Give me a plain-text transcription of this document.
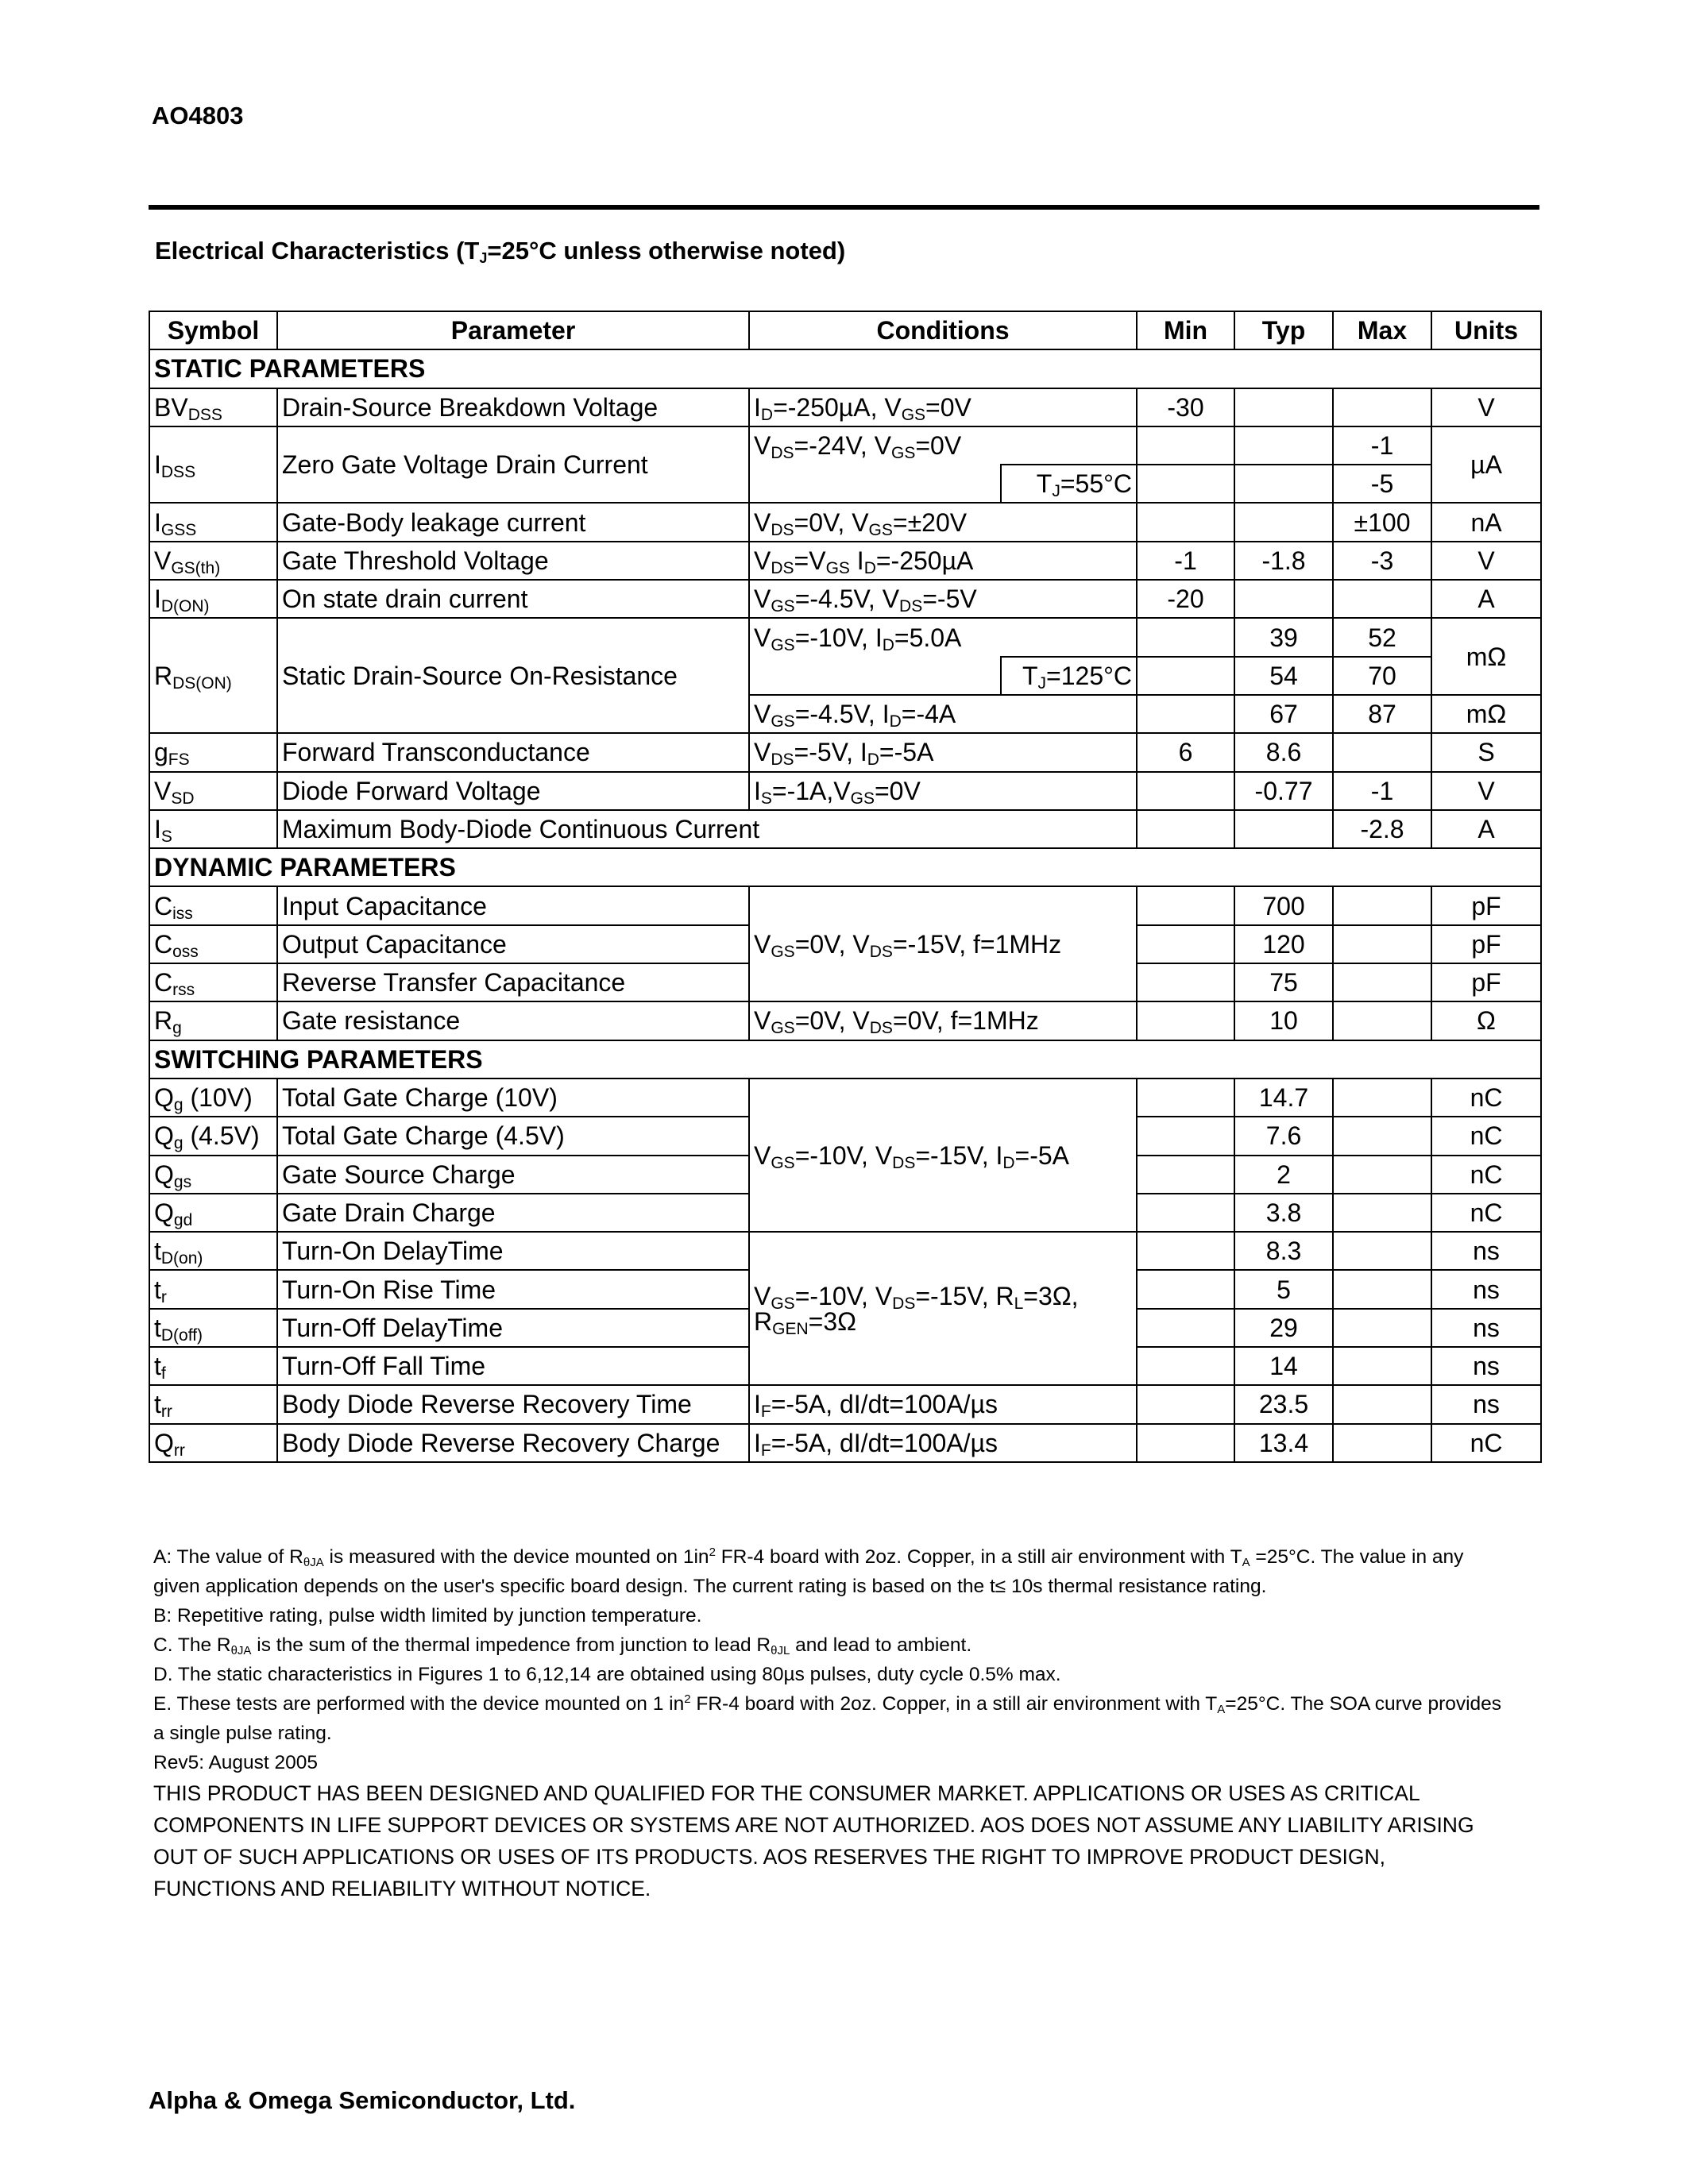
AO4803
Electrical Characteristics ($T_J=25^\circ C$ unless otherwise noted)
Symbol	Parameter	Conditions		Min	Typ	Max	Units
STATIC PARAMETERS							
$BV_{DSS}$	Drain-Source Breakdown Voltage	$I_D=-250\mu A$, $V_{GS}=0V$		-30			V
$I_{DSS}$	Zero Gate Voltage Drain Current	$V_{DS}=-24V$, $V_{GS}=0V$				-1	µA
			$T_J=55^\circ C$			-5	
$I_{GSS}$	Gate-Body leakage current	$V_{DS}=0V$, $V_{GS}=\pm 20V$				±100	nA
$V_{GS(th)}$	Gate Threshold Voltage	$V_{DS}=V_{GS}$ $I_D=-250\mu A$		-1	-1.8	-3	V
$I_{D(ON)}$	On state drain current	$V_{GS}=-4.5V$, $V_{DS}=-5V$		-20			A
$R_{DS(ON)}$	Static Drain-Source On-Resistance	$V_{GS}=-10V$, $I_D=5.0A$			39	52	mΩ
			$T_J=125^\circ C$		54	70	
		$V_{GS}=-4.5V$, $I_D=-4A$			67	87	mΩ
$g_{FS}$	Forward Transconductance	$V_{DS}=-5V$, $I_D=-5A$		6	8.6		S
$V_{SD}$	Diode Forward Voltage	$I_S=-1A,V_{GS}=0V$			-0.77	-1	V
$I_S$	Maximum Body-Diode Continuous Current					-2.8	A
DYNAMIC PARAMETERS							
$C_{iss}$	Input Capacitance	$V_{GS}=0V$, $V_{DS}=-15V$, f=1MHz			700		pF
$C_{oss}$	Output Capacitance				120		pF
$C_{rss}$	Reverse Transfer Capacitance				75		pF
$R_g$	Gate resistance	$V_{GS}=0V$, $V_{DS}=0V$, f=1MHz			10		Ω
SWITCHING PARAMETERS							
$Q_g$ (10V)	Total Gate Charge (10V)	$V_{GS}=-10V$, $V_{DS}=-15V$, $I_D=-5A$			14.7		nC
$Q_g$ (4.5V)	Total Gate Charge (4.5V)				7.6		nC
$Q_{gs}$	Gate Source Charge				2		nC
$Q_{gd}$	Gate Drain Charge				3.8		nC
$t_{D(on)}$	Turn-On DelayTime	$V_{GS}=-10V$, $V_{DS}=-15V$, $R_L=3\Omega$,
$R_{GEN}=3\Omega$			8.3		ns
$t_r$	Turn-On Rise Time				5		ns
$t_{D(off)}$	Turn-Off DelayTime				29		ns
$t_f$	Turn-Off Fall Time				14		ns
$t_{rr}$	Body Diode Reverse Recovery Time	$I_F=-5A$, dI/dt=100A/µs			23.5		ns
$Q_{rr}$	Body Diode Reverse Recovery Charge	$I_F=-5A$, dI/dt=100A/µs			13.4		nC

A: The value of $R_{\theta JA}$ is measured with the device mounted on $1in^2$ FR-4 board with 2oz. Copper, in a still air environment with $T_A =25^\circ C$. The value in any given application depends on the user's specific board design. The current rating is based on the t≤ 10s thermal resistance rating.

B: Repetitive rating, pulse width limited by junction temperature.

C. The $R_{\theta JA}$ is the sum of the thermal impedence from junction to lead $R_{\theta JL}$ and lead to ambient.

D. The static characteristics in Figures 1 to 6,12,14 are obtained using 80µs pulses, duty cycle 0.5% max.

E. These tests are performed with the device mounted on 1 $in^2$ FR-4 board with 2oz. Copper, in a still air environment with $T_A=25^\circ C$. The SOA curve provides a single pulse rating.

Rev5: August 2005

THIS PRODUCT HAS BEEN DESIGNED AND QUALIFIED FOR THE CONSUMER MARKET. APPLICATIONS OR USES AS CRITICAL COMPONENTS IN LIFE SUPPORT DEVICES OR SYSTEMS ARE NOT AUTHORIZED. AOS DOES NOT ASSUME ANY LIABILITY ARISING OUT OF SUCH APPLICATIONS OR USES OF ITS PRODUCTS. AOS RESERVES THE RIGHT TO IMPROVE PRODUCT DESIGN, FUNCTIONS AND RELIABILITY WITHOUT NOTICE.

Alpha & Omega Semiconductor, Ltd.
